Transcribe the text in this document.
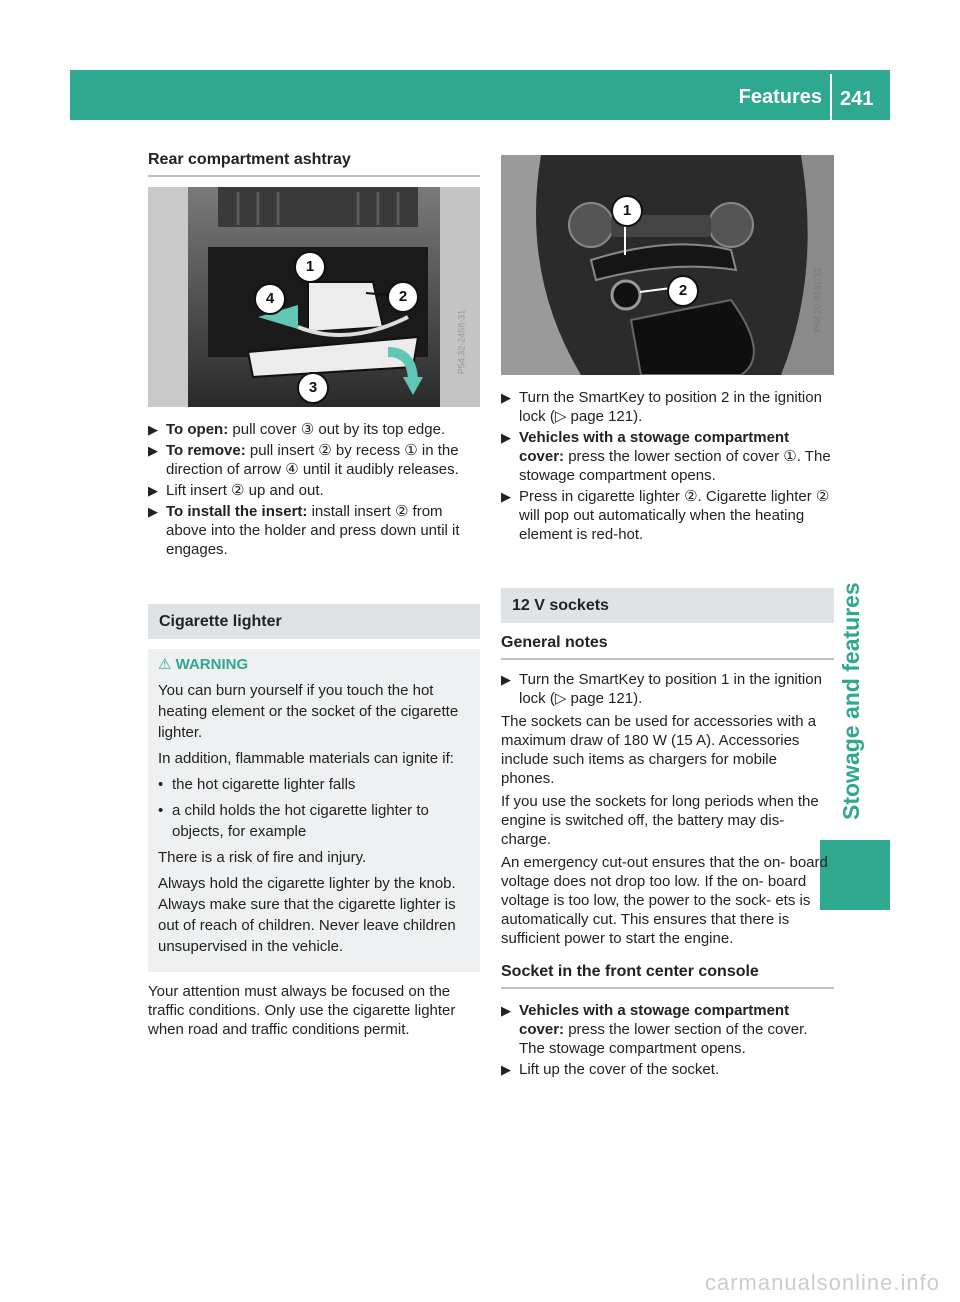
Features 241
Stowage and features
Rear compartment ashtray
1
2
3
4
P54.32-2458-31
▶ To open: pull cover ③ out by its top edge.
▶ To remove: pull insert ② by recess ① in the direction of arrow ④ until it audibly releases.
▶ Lift insert ② up and out.
▶ To install the insert: install insert ② from above into the holder and press down until it engages.
Cigarette lighter
⚠ WARNING

You can burn yourself if you touch the hot heating element or the socket of the cigarette lighter.

In addition, flammable materials can ignite if:

• the hot cigarette lighter falls
• a child holds the hot cigarette lighter to objects, for example

There is a risk of fire and injury.

Always hold the cigarette lighter by the knob. Always make sure that the cigarette lighter is out of reach of children. Never leave children unsupervised in the vehicle.

Your attention must always be focused on the traffic conditions. Only use the cigarette lighter when road and traffic conditions permit.

1
2	P68.20-8191-31
▶ Turn the SmartKey to position 2 in the ignition lock (▷ page 121).
▶ Vehicles with a stowage compartment cover: press the lower section of cover ①. The stowage compartment opens.
▶ Press in cigarette lighter ②. Cigarette lighter ② will pop out automatically when the heating element is red-hot.
12 V sockets
General notes
▶ Turn the SmartKey to position 1 in the ignition lock (▷ page 121).

The sockets can be used for accessories with a maximum draw of 180 W (15 A). Accessories include such items as chargers for mobile phones.

If you use the sockets for long periods when the engine is switched off, the battery may dis- charge.

An emergency cut-out ensures that the on- board voltage does not drop too low. If the on- board voltage is too low, the power to the sock- ets is automatically cut. This ensures that there is sufficient power to start the engine.

Socket in the front center console
▶ Vehicles with a stowage compartment cover: press the lower section of the cover. The stowage compartment opens.
▶ Lift up the cover of the socket.
carmanualsonline.info
